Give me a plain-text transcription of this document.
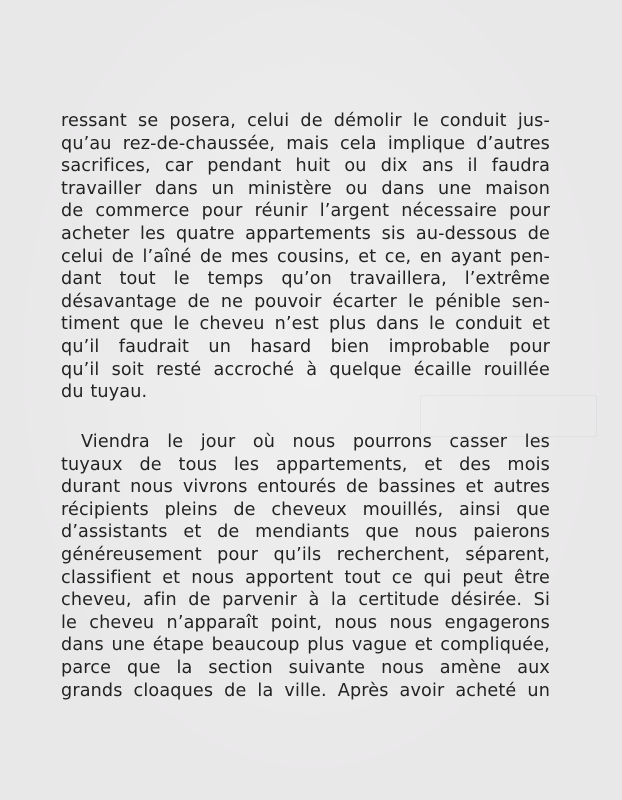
ressant se posera, celui de démolir le conduit jus-
qu’au rez-de-chaussée, mais cela implique d’autres
sacrifices, car pendant huit ou dix ans il faudra
travailler dans un ministère ou dans une maison
de commerce pour réunir l’argent nécessaire pour
acheter les quatre appartements sis au-dessous de
celui de l’aîné de mes cousins, et ce, en ayant pen-
dant tout le temps qu’on travaillera, l’extrême
désavantage de ne pouvoir écarter le pénible sen-
timent que le cheveu n’est plus dans le conduit et
qu’il faudrait un hasard bien improbable pour
qu’il soit resté accroché à quelque écaille rouillée
du tuyau.
Viendra le jour où nous pourrons casser les
tuyaux de tous les appartements, et des mois
durant nous vivrons entourés de bassines et autres
récipients pleins de cheveux mouillés, ainsi que
d’assistants et de mendiants que nous paierons
généreusement pour qu’ils recherchent, séparent,
classifient et nous apportent tout ce qui peut être
cheveu, afin de parvenir à la certitude désirée. Si
le cheveu n’apparaît point, nous nous engagerons
dans une étape beaucoup plus vague et compliquée,
parce que la section suivante nous amène aux
grands cloaques de la ville. Après avoir acheté un
